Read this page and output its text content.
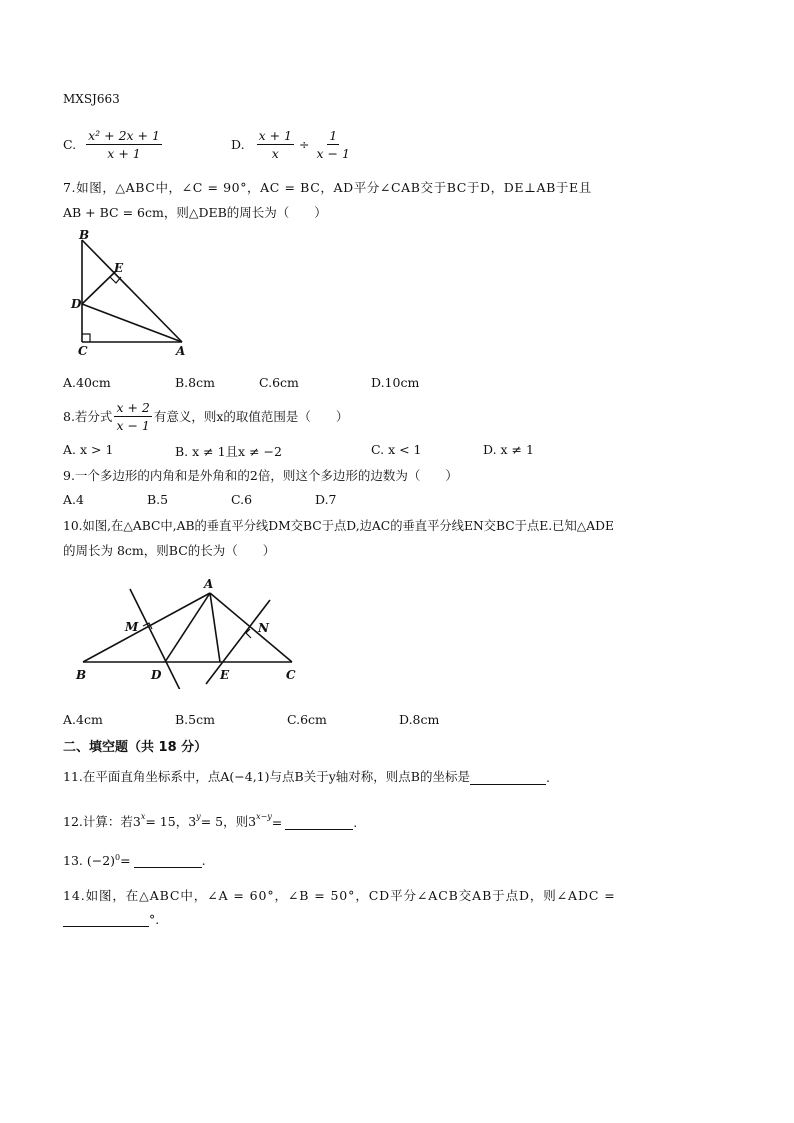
MXSJ663
C. $\frac{\text{x² + 2x + 1}}{x + 1}$	D. $\frac{x + 1}{x} \div \frac{1}{x - 1}$
7.如图，△ABC中，∠C = 90°，AC = BC，AD平分∠CAB交于BC于D，DE⊥AB于E且
AB + BC = 6cm，则△DEB的周长为（　　）
B
E
D
C	A
A.40cm	B.8cm	C.6cm	D.10cm
8.若分式 $\frac{x + 2}{x - 1}$ 有意义，则x的取值范围是（　　）
A. x > 1	B. x ≠ 1且x ≠ −2	C. x < 1	D. x ≠ 1
9.一个多边形的内角和是外角和的2倍，则这个多边形的边数为（　　）
A.4	B.5	C.6	D.7
10.如图,在△ABC中,AB的垂直平分线DM交BC于点D,边AC的垂直平分线EN交BC于点E.已知△ADE
的周长为 8cm，则BC的长为（　　）
A
M	N
B	D	E	C
A.4cm	B.5cm	C.6cm	D.8cm
二、填空题（共 18 分）
11.在平面直角坐标系中，点A(−4,1)与点B关于y轴对称，则点B的坐标是	.
12.计算：若$3^x = 15$，$3^y = 5$，则$3^{x-y}$ =	.
13. $(-2)^0$ =	.
14.如图，在△ABC中，∠A = 60°，∠B = 50°，CD平分∠ACB交AB于点D，则∠ADC =
°.
